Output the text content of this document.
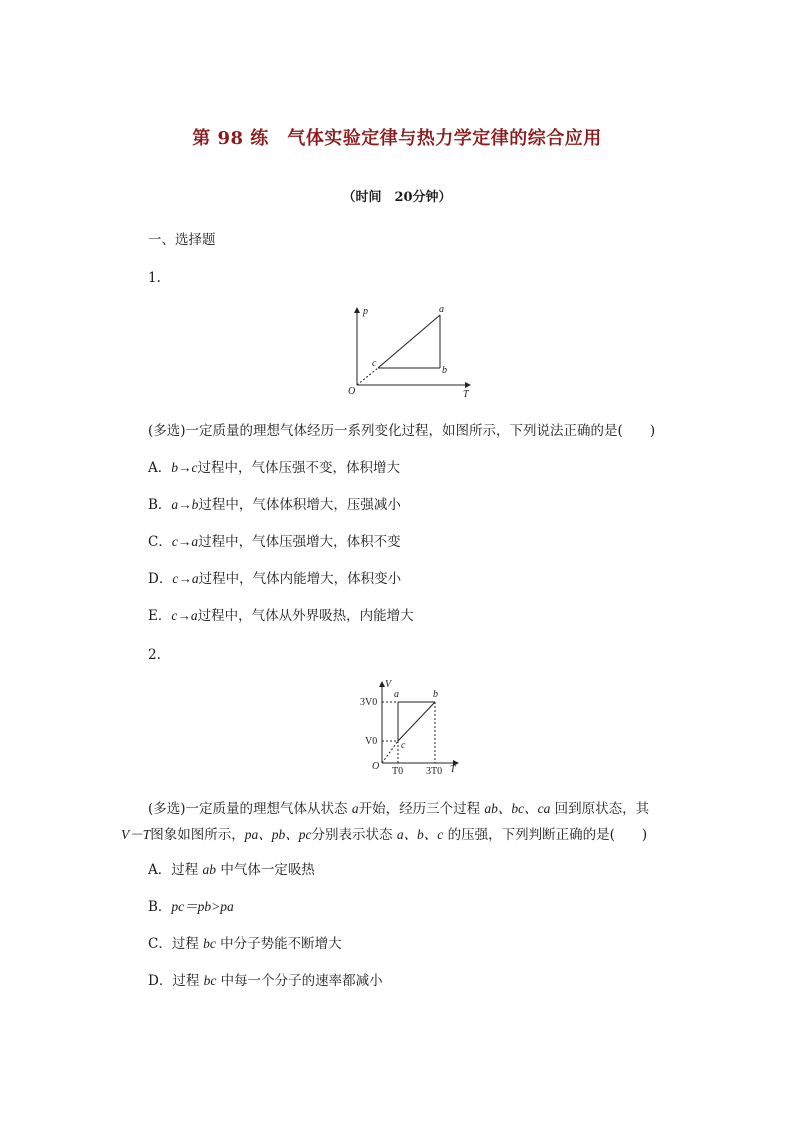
第 98 练　气体实验定律与热力学定律的综合应用
（时间　20分钟）
一、选择题
1.
p
T
O
a
b
c
(多选)一定质量的理想气体经历一系列变化过程，如图所示，下列说法正确的是(　　)
A．b→c过程中，气体压强不变，体积增大
B．a→b过程中，气体体积增大，压强减小
C．c→a过程中，气体压强增大，体积不变
D．c→a过程中，气体内能增大，体积变小
E．c→a过程中，气体从外界吸热，内能增大
2.
V
T
O
a	b
c
3V0
V0
T0 3T0
(多选)一定质量的理想气体从状态 a开始，经历三个过程 ab、bc、ca 回到原状态，其
V－T图象如图所示，pa、pb、pc分别表示状态 a、b、c 的压强，下列判断正确的是(　　)
A．过程 ab 中气体一定吸热
B．pc＝pb>pa
C．过程 bc 中分子势能不断增大
D．过程 bc 中每一个分子的速率都减小
